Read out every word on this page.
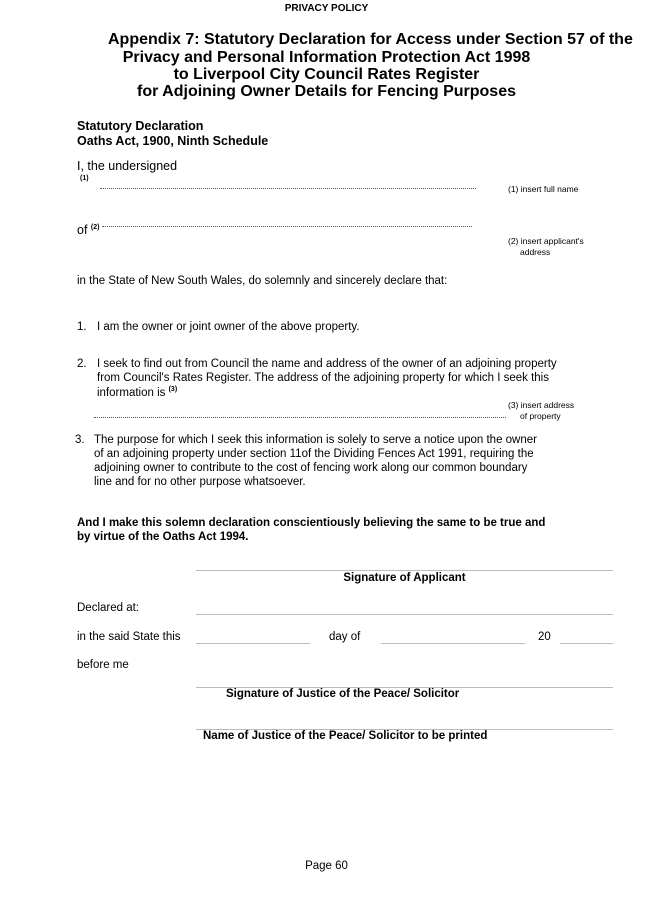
PRIVACY POLICY
Appendix 7: Statutory Declaration for Access under Section 57 of the
Privacy and Personal Information Protection Act 1998
to Liverpool City Council Rates Register
for Adjoining Owner Details for Fencing Purposes
Statutory Declaration
Oaths Act, 1900, Ninth Schedule
I, the undersigned
(1)
(1) insert full name
of $^{(2)}$
(2) insert applicant's
address
in the State of New South Wales, do solemnly and sincerely declare that:
1. I am the owner or joint owner of the above property.
2. I seek to find out from Council the name and address of the owner of an adjoining property
from Council's Rates Register. The address of the adjoining property for which I seek this
information is $^{(3)}$
(3) insert address
of property
3. The purpose for which I seek this information is solely to serve a notice upon the owner
of an adjoining property under section 11of the Dividing Fences Act 1991, requiring the
adjoining owner to contribute to the cost of fencing work along our common boundary
line and for no other purpose whatsoever.
And I make this solemn declaration conscientiously believing the same to be true and
by virtue of the Oaths Act 1994.
Signature of Applicant
Declared at:
in the said State this	day of	20
before me
Signature of Justice of the Peace/ Solicitor
Name of Justice of the Peace/ Solicitor to be printed
Page 60
